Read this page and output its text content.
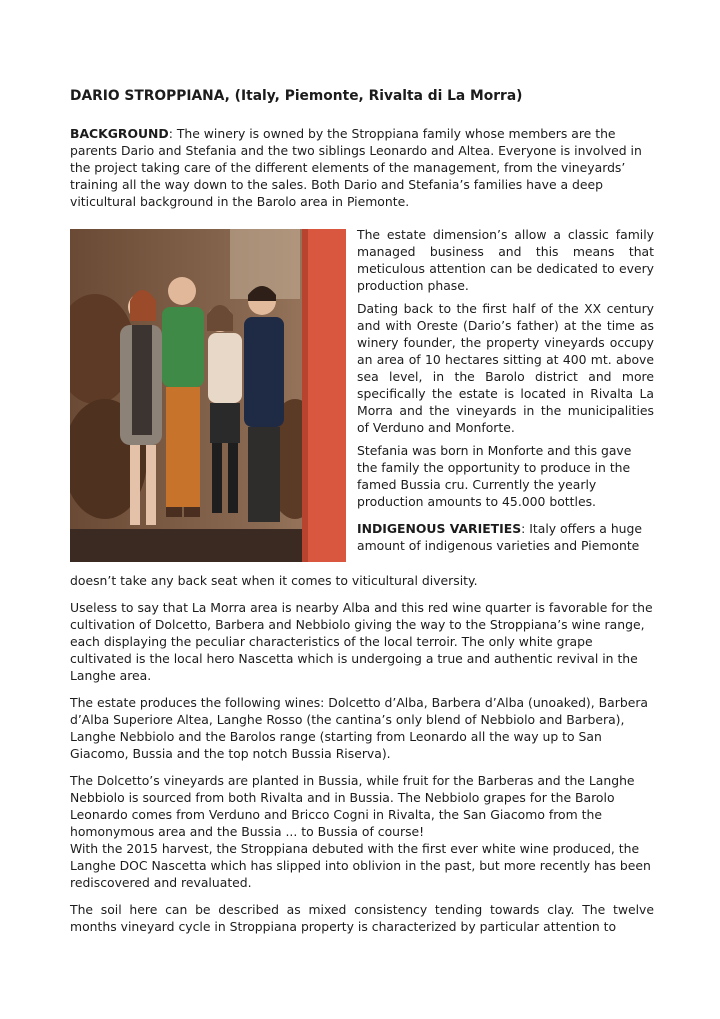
DARIO STROPPIANA, (Italy, Piemonte, Rivalta di La Morra)

BACKGROUND: The winery is owned by the Stroppiana family whose members are the parents Dario and Stefania and the two siblings Leonardo and Altea. Everyone is involved in the project taking care of the different elements of the management, from the vineyards’ training all the way down to the sales. Both Dario and Stefania’s families have a deep viticultural background in the Barolo area in Piemonte.

The estate dimension’s allow a classic family managed business and this means that meticulous attention can be dedicated to every production phase.

Dating back to the first half of the XX century and with Oreste (Dario’s father) at the time as winery founder, the property vineyards occupy an area of 10 hectares sitting at 400 mt. above sea level, in the Barolo district and more specifically the estate is located in Rivalta La Morra and the vineyards in the municipalities of Verduno and Monforte.

Stefania was born in Monforte and this gave the family the opportunity to produce in the famed Bussia cru. Currently the yearly production amounts to 45.000 bottles.

INDIGENOUS VARIETIES: Italy offers a huge
amount of indigenous varieties and Piemonte

doesn’t take any back seat when it comes to viticultural diversity.

Useless to say that La Morra area is nearby Alba and this red wine quarter is favorable for the cultivation of Dolcetto, Barbera and Nebbiolo giving the way to the Stroppiana’s wine range, each displaying the peculiar characteristics of the local terroir. The only white grape cultivated is the local hero Nascetta which is undergoing a true and authentic revival in the Langhe area.

The estate produces the following wines: Dolcetto d’Alba, Barbera d’Alba (unoaked), Barbera d’Alba Superiore Altea, Langhe Rosso (the cantina’s only blend of Nebbiolo and Barbera), Langhe Nebbiolo and the Barolos range (starting from Leonardo all the way up to San Giacomo, Bussia and the top notch Bussia Riserva).

The Dolcetto’s vineyards are planted in Bussia, while fruit for the Barberas and the Langhe Nebbiolo is sourced from both Rivalta and in Bussia. The Nebbiolo grapes for the Barolo Leonardo comes from Verduno and Bricco Cogni in Rivalta, the San Giacomo from the homonymous area and the Bussia ... to Bussia of course!

With the 2015 harvest, the Stroppiana debuted with the first ever white wine produced, the Langhe DOC Nascetta which has slipped into oblivion in the past, but more recently has been rediscovered and revaluated.

The soil here can be described as mixed consistency tending towards clay. The twelve months vineyard cycle in Stroppiana property is characterized by particular attention to
